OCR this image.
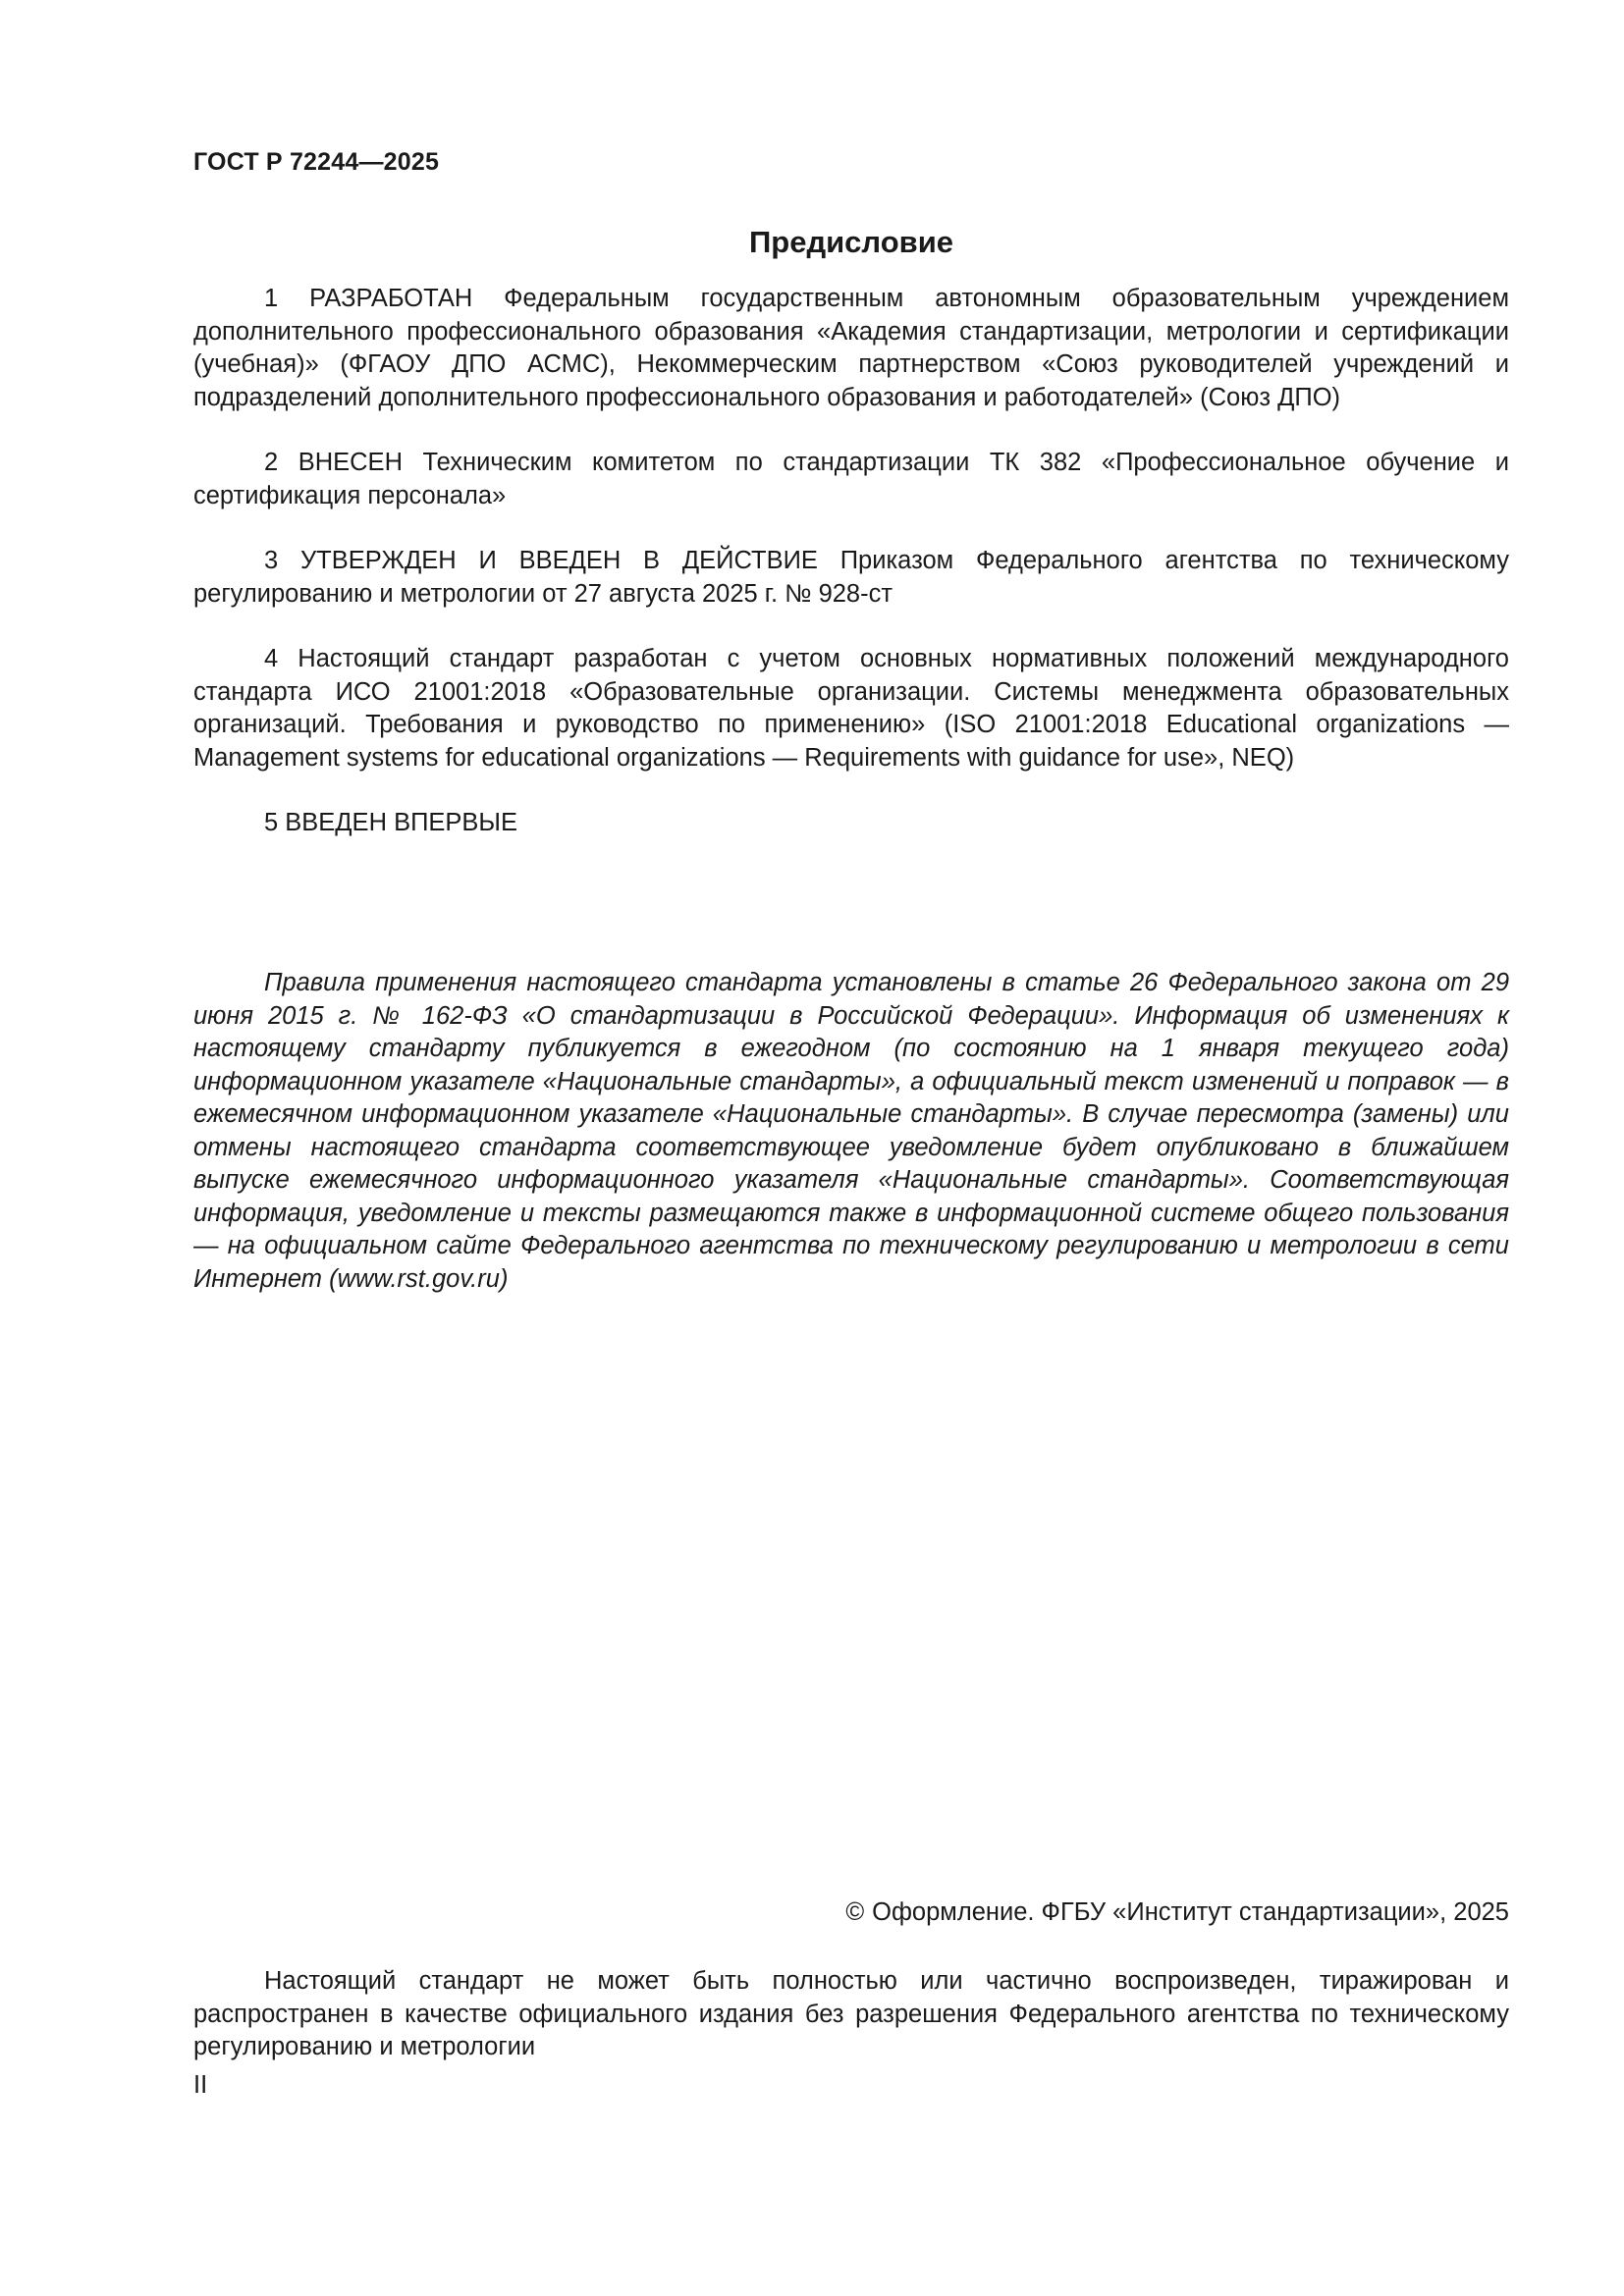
ГОСТ Р 72244—2025
Предисловие

1 РАЗРАБОТАН Федеральным государственным автономным образовательным учреждением дополнительного профессионального образования «Академия стандартизации, метрологии и сертификации (учебная)» (ФГАОУ ДПО АСМС), Некоммерческим партнерством «Союз руководителей учреждений и подразделений дополнительного профессионального образования и работодателей» (Союз ДПО)

2 ВНЕСЕН Техническим комитетом по стандартизации ТК 382 «Профессиональное обучение и сертификация персонала»

3 УТВЕРЖДЕН И ВВЕДЕН В ДЕЙСТВИЕ Приказом Федерального агентства по техническому регулированию и метрологии от 27 августа 2025 г. № 928-ст

4 Настоящий стандарт разработан с учетом основных нормативных положений международного стандарта ИСО 21001:2018 «Образовательные организации. Системы менеджмента образовательных организаций. Требования и руководство по применению» (ISO 21001:2018 Educational organizations — Management systems for educational organizations — Requirements with guidance for use», NEQ)

5 ВВЕДЕН ВПЕРВЫЕ

Правила применения настоящего стандарта установлены в статье 26 Федерального закона от 29 июня 2015 г. № 162-ФЗ «О стандартизации в Российской Федерации». Информация об изменениях к настоящему стандарту публикуется в ежегодном (по состоянию на 1 января текущего года) информационном указателе «Национальные стандарты», а официальный текст изменений и поправок — в ежемесячном информационном указателе «Национальные стандарты». В случае пересмотра (замены) или отмены настоящего стандарта соответствующее уведомление будет опубликовано в ближайшем выпуске ежемесячного информационного указателя «Национальные стандарты». Соответствующая информация, уведомление и тексты размещаются также в информационной системе общего пользования — на официальном сайте Федерального агентства по техническому регулированию и метрологии в сети Интернет (www.rst.gov.ru)

© Оформление. ФГБУ «Институт стандартизации», 2025

Настоящий стандарт не может быть полностью или частично воспроизведен, тиражирован и распространен в качестве официального издания без разрешения Федерального агентства по техническому регулированию и метрологии

II
